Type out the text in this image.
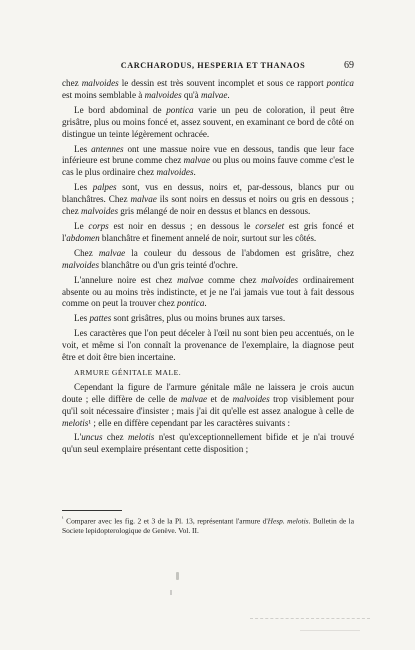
CARCHARODUS, HESPERIA ET THANAOS	69

chez malvoides le dessin est très souvent incomplet et sous ce rapport pontica est moins semblable à malvoides qu'à malvae.

Le bord abdominal de pontica varie un peu de coloration, il peut être grisâtre, plus ou moins foncé et, assez souvent, en examinant ce bord de côté on distingue un teinte légèrement ochracée.

Les antennes ont une massue noire vue en dessous, tandis que leur face inférieure est brune comme chez malvae ou plus ou moins fauve comme c'est le cas le plus ordinaire chez malvoides.

Les palpes sont, vus en dessus, noirs et, par-dessous, blancs pur ou blanchâtres. Chez malvae ils sont noirs en dessus et noirs ou gris en dessous ; chez malvoides gris mélangé de noir en dessus et blancs en dessous.

Le corps est noir en dessus ; en dessous le corselet est gris foncé et l'abdomen blanchâtre et finement annelé de noir, surtout sur les côtés.

Chez malvae la couleur du dessous de l'abdomen est grisâtre, chez malvoides blanchâtre ou d'un gris teinté d'ochre.

L'annelure noire est chez malvae comme chez malvoides ordinairement absente ou au moins très indistincte, et je ne l'ai jamais vue tout à fait dessous comme on peut la trouver chez pontica.

Les pattes sont grisâtres, plus ou moins brunes aux tarses.

Les caractères que l'on peut déceler à l'œil nu sont bien peu accentués, on le voit, et même si l'on connaît la provenance de l'exemplaire, la diagnose peut être et doit être bien incertaine.

ARMURE GÉNITALE MALE.

Cependant la figure de l'armure génitale mâle ne laissera je crois aucun doute ; elle diffère de celle de malvae et de malvoides trop visiblement pour qu'il soit nécessaire d'insister ; mais j'ai dit qu'elle est assez analogue à celle de melotis¹ ; elle en diffère cependant par les caractères suivants :

L'uncus chez melotis n'est qu'exceptionnellement bifide et je n'ai trouvé qu'un seul exemplaire présentant cette disposition ;

$^{^1}$ Comparer avec les fig. 2 et 3 de la Pl. 13, représentant l'armure d'Hesp. melotis. Bulletin de la Societe lepidopterologique de Genève. Vol. II.
